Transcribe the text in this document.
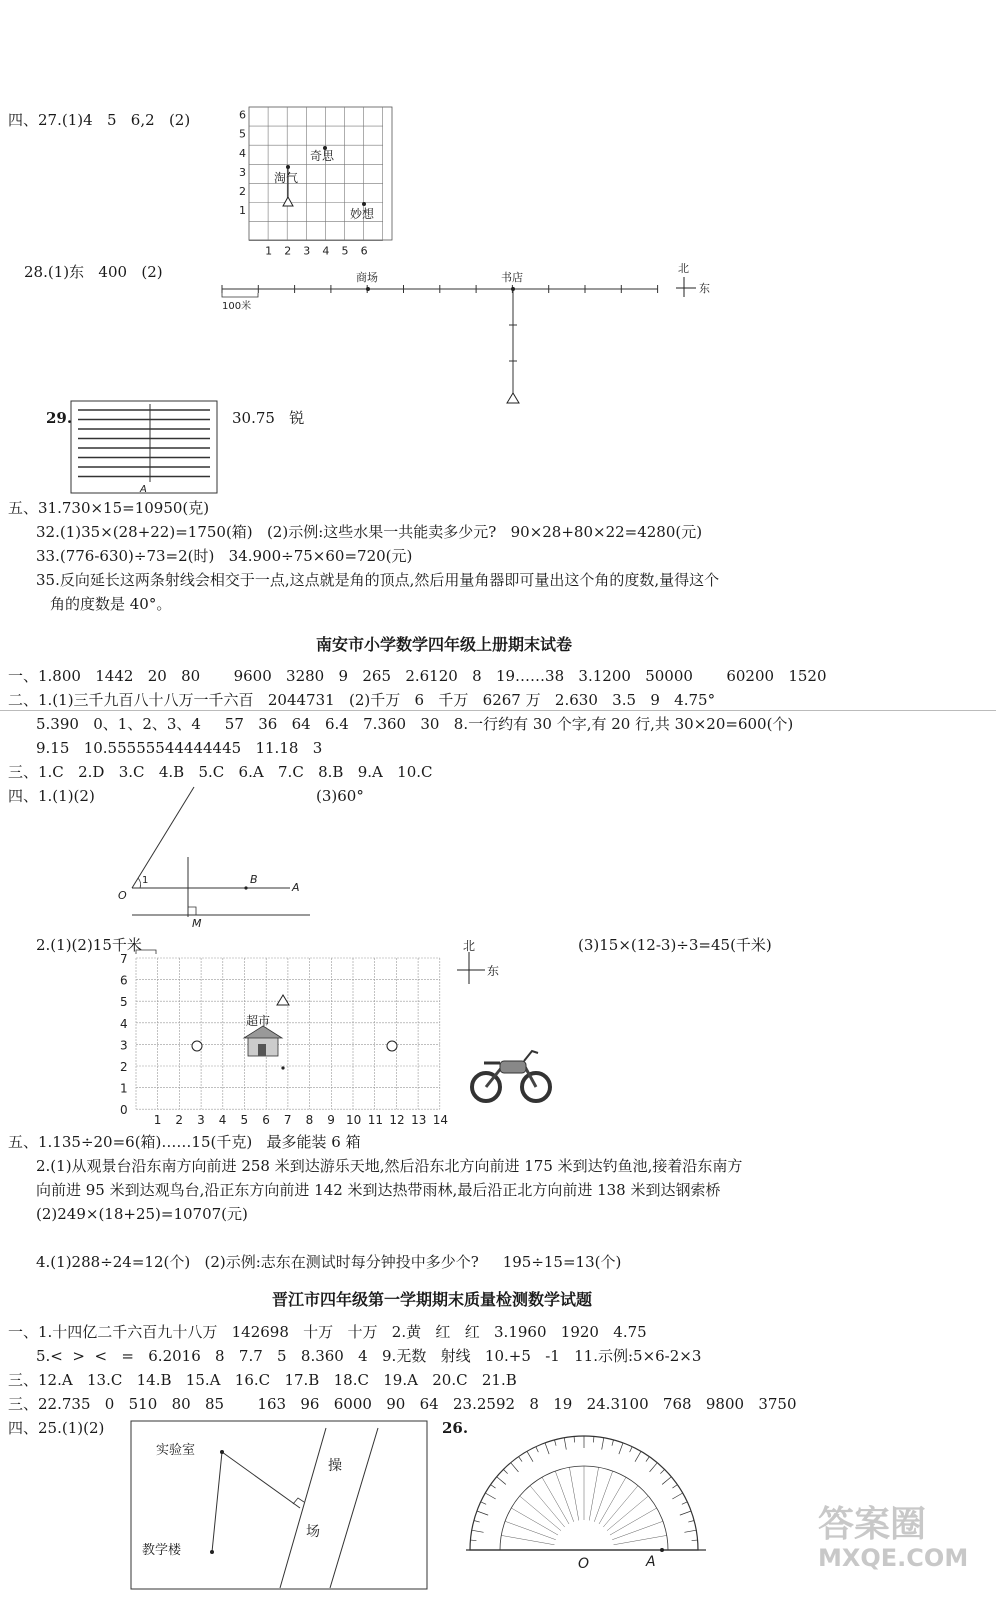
四、27.(1)4   5   6,2   (2)	6
5
4
3
2
1
1 2 3 4 5 6
奇思
淘气
妙想
28.(1)东   400   (2)	商场	书店
100米
北
东
29.
A
30.75   锐
五、31.730×15=10950(克)
32.(1)35×(28+22)=1750(箱)   (2)示例:这些水果一共能卖多少元?   90×28+80×22=4280(元)
33.(776-630)÷73=2(时)   34.900÷75×60=720(元)
35.反向延长这两条射线会相交于一点,这点就是角的顶点,然后用量角器即可量出这个角的度数,量得这个
角的度数是 40°。
南安市小学数学四年级上册期末试卷
一、1.800   1442   20   80       9600   3280   9   265   2.6120   8   19……38   3.1200   50000       60200   1520
二、1.(1)三千九百八十八万一千六百   2044731   (2)千万   6   千万   6267 万   2.630   3.5   9   4.75°
5.390   0、1、2、3、4     57   36   64   6.4   7.360   30   8.一行约有 30 个字,有 20 行,共 30×20=600(个)
9.15   10.55555544444445   11.18   3
三、1.C   2.D   3.C   4.B   5.C   6.A   7.C   8.B   9.A   10.C
四、1.(1)(2)	(3)60°
O
A
B
M
1
2.(1)(2)15千米	(3)15×(12-3)÷3=45(千米)
7
6
5
4
3
2
1
0
1 2 3 4 5 6 7 8 9 10 11 12 13 14
超市
北
东
五、1.135÷20=6(箱)……15(千克)   最多能装 6 箱
2.(1)从观景台沿东南方向前进 258 米到达游乐天地,然后沿东北方向前进 175 米到达钓鱼池,接着沿东南方
向前进 95 米到达观鸟台,沿正东方向前进 142 米到达热带雨林,最后沿正北方向前进 138 米到达钢索桥
(2)249×(18+25)=10707(元)
4.(1)288÷24=12(个)   (2)示例:志东在测试时每分钟投中多少个?     195÷15=13(个)
晋江市四年级第一学期期末质量检测数学试题
一、1.十四亿二千六百九十八万   142698   十万   十万   2.黄   红   红   3.1960   1920   4.75
5.<  >  <   =   6.2016   8   7.7   5   8.360   4   9.无数   射线   10.+5   -1   11.示例:5×6-2×3
三、12.A   13.C   14.B   15.A   16.C   17.B   18.C   19.A   20.C   21.B
三、22.735   0   510   80   85       163   96   6000   90   64   23.2592   8   19   24.3100   768   9800   3750
四、25.(1)(2)	26.
实验室
教学楼
操
场
O	A
答案圈
MXQE.COM
